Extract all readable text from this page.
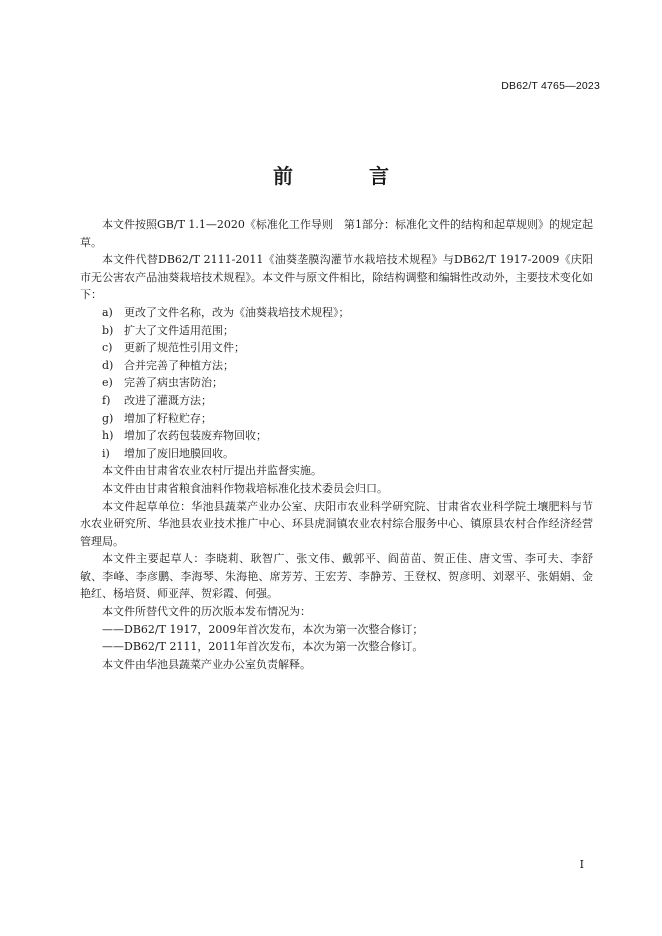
DB62/T 4765—2023
前　言

本文件按照GB/T 1.1—2020《标准化工作导则　第1部分：标准化文件的结构和起草规则》的规定起草。

本文件代替DB62/T 2111-2011《油葵垄膜沟灌节水栽培技术规程》与DB62/T 1917-2009《庆阳市无公害农产品油葵栽培技术规程》。本文件与原文件相比，除结构调整和编辑性改动外，主要技术变化如下：

a)	更改了文件名称，改为《油葵栽培技术规程》；
b) 扩大了文件适用范围；
c)	更新了规范性引用文件；
d) 合并完善了种植方法；
e)	完善了病虫害防治；
f)	改进了灌溉方法；
g) 增加了籽粒贮存；
h) 增加了农药包装废弃物回收；
i)	增加了废旧地膜回收。

本文件由甘肃省农业农村厅提出并监督实施。

本文件由甘肃省粮食油料作物栽培标准化技术委员会归口。

本文件起草单位：华池县蔬菜产业办公室、庆阳市农业科学研究院、甘肃省农业科学院土壤肥料与节水农业研究所、华池县农业技术推广中心、环县虎洞镇农业农村综合服务中心、镇原县农村合作经济经营管理局。

本文件主要起草人：李晓莉、耿智广、张文伟、戴郭平、阎苗苗、贺正佳、唐文雪、李可夫、李舒敏、李峰、李彦鹏、李海琴、朱海艳、席芳芳、王宏芳、李静芳、王登权、贺彦明、刘翠平、张娟娟、金艳红、杨培贤、师亚萍、贺彩霞、何强。

本文件所替代文件的历次版本发布情况为：

——DB62/T 1917，2009年首次发布，本次为第一次整合修订；

——DB62/T 2111，2011年首次发布，本次为第一次整合修订。

本文件由华池县蔬菜产业办公室负责解释。

I
